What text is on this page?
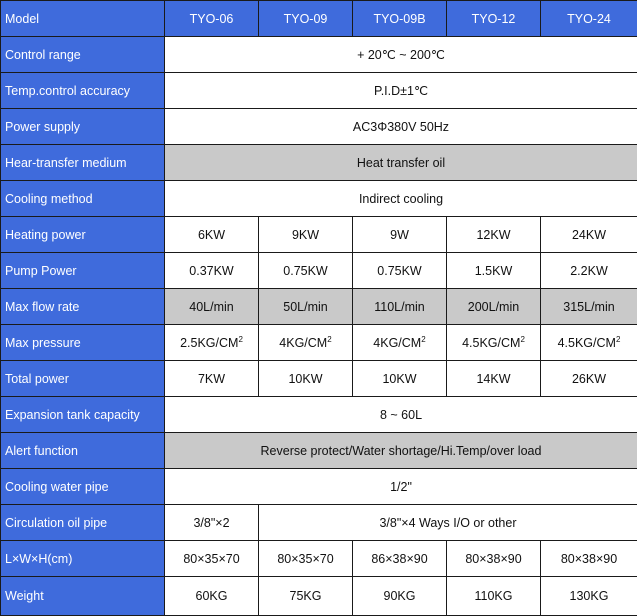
Model	TYO-06	TYO-09	TYO-09B	TYO-12	TYO-24
Control range	+ 20℃ ~ 200℃				
Temp.control accuracy	P.I.D±1℃				
Power supply	AC3Φ380V 50Hz				
Hear-transfer medium	Heat transfer oil				
Cooling method	Indirect cooling				
Heating power	6KW	9KW	9W	12KW	24KW
Pump Power	0.37KW	0.75KW	0.75KW	1.5KW	2.2KW
Max flow rate	40L/min	50L/min	110L/min	200L/min	315L/min
Max pressure	$2.5KG/CM^2$	$4KG/CM^2$	$4KG/CM^2$	$4.5KG/CM^2$	$4.5KG/CM^2$
Total power	7KW	10KW	10KW	14KW	26KW
Expansion tank capacity	8 ~ 60L				
Alert function	Reverse protect/Water shortage/Hi.Temp/over load				
Cooling water pipe	1/2"				
Circulation oil pipe	3/8"×2	3/8"×4 Ways I/O or other			
L×W×H(cm)	80×35×70	80×35×70	86×38×90	80×38×90	80×38×90
Weight	60KG	75KG	90KG	110KG	130KG
